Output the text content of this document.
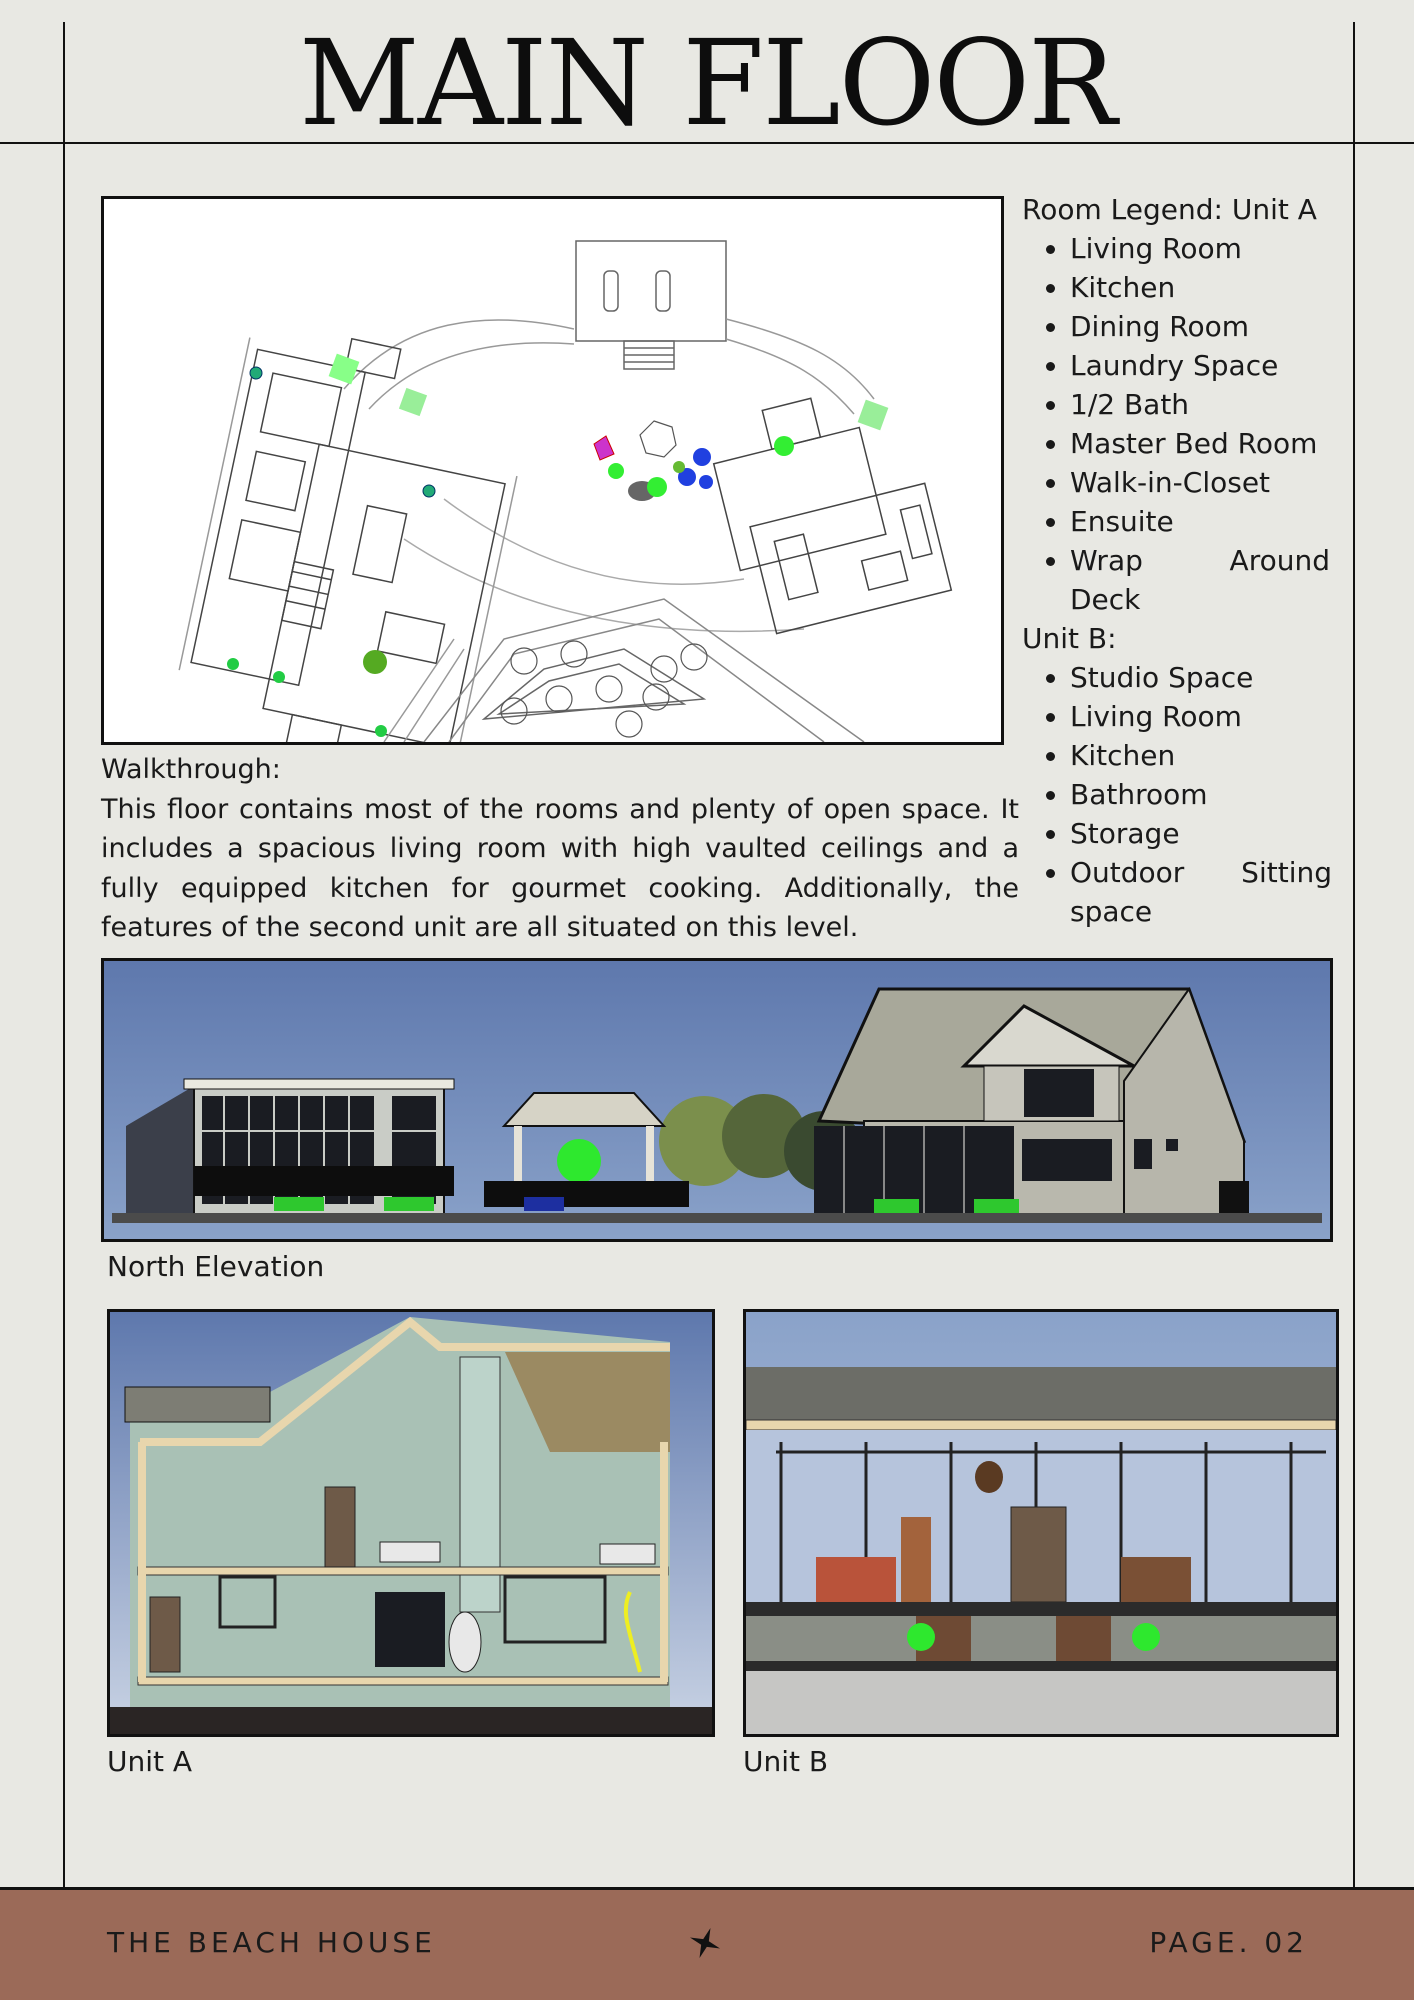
MAIN FLOOR

Room Legend: Unit A

• Living Room
• Kitchen
• Dining Room
• Laundry Space
• 1/2 Bath
• Master Bed Room
• Walk-in-Closet
• Ensuite
• Wrap Around Deck

Unit B:

• Studio Space
• Living Room
• Kitchen
• Bathroom
• Storage
• Outdoor Sitting space

Walkthrough:

This floor contains most of the rooms and plenty of open space. It includes a spacious living room with high vaulted ceilings and a fully equipped kitchen for gourmet cooking. Additionally, the features of the second unit are all situated on this level.

North Elevation
Unit A	Unit B
THE BEACH HOUSE	PAGE. 02
